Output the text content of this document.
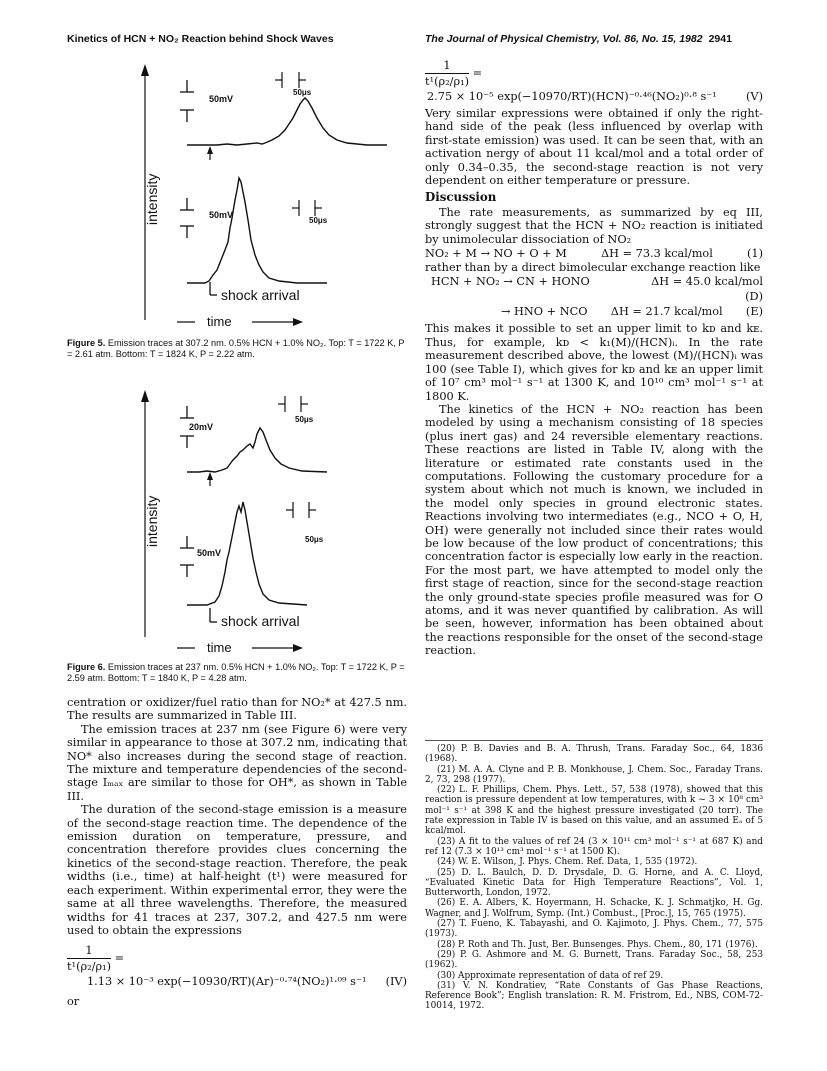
Kinetics of HCN + NO₂ Reaction behind Shock Waves	The Journal of Physical Chemistry, Vol. 86, No. 15, 1982 2941
intensity
50mV
50μs
50mV
50μs
shock arrival
time
Figure 5. Emission traces at 307.2 nm. 0.5% HCN + 1.0% NO₂. Top: T = 1722 K, P = 2.61 atm. Bottom: T = 1824 K, P = 2.22 atm.
intensity
20mV
50μs
50mV
50μs
shock arrival
time
Figure 6. Emission traces at 237 nm. 0.5% HCN + 1.0% NO₂. Top: T = 1722 K, P = 2.59 atm. Bottom: T = 1840 K, P = 4.28 atm.

centration or oxidizer/fuel ratio than for NO₂* at 427.5 nm. The results are summarized in Table III.

The emission traces at 237 nm (see Figure 6) were very similar in appearance to those at 307.2 nm, indicating that NO* also increases during the second stage of reaction. The mixture and temperature dependencies of the second-stage Iₘₐₓ are similar to those for OH*, as shown in Table III.

The duration of the second-stage emission is a measure of the second-stage reaction time. The dependence of the emission duration on temperature, pressure, and concentration therefore provides clues concerning the kinetics of the second-stage reaction. Therefore, the peak widths (i.e., time) at half-height (t¹) were measured for each experiment. Within experimental error, they were the same at all three wavelengths. Therefore, the measured widths for 41 traces at 237, 307.2, and 427.5 nm were used to obtain the expressions

$\frac{1}{\text{t¹(ρ₂/ρ₁)}}$ =
1.13 × 10⁻³ exp(−10930/RT)(Ar)⁻⁰·⁷⁴(NO₂)¹·⁰⁹ s⁻¹ (IV)
or
$\frac{1}{\text{t¹(ρ₂/ρ₁)}}$ =
2.75 × 10⁻⁵ exp(−10970/RT)(HCN)⁻⁰·⁴⁶(NO₂)⁰·⁸ s⁻¹	(V)

Very similar expressions were obtained if only the right-hand side of the peak (less influenced by overlap with first-state emission) was used. It can be seen that, with an activation nergy of about 11 kcal/mol and a total order of only 0.34–0.35, the second-stage reaction is not very dependent on either temperature or pressure.

Discussion

The rate measurements, as summarized by eq III, strongly suggest that the HCN + NO₂ reaction is initiated by unimolecular dissociation of NO₂

NO₂ + M → NO + O + M	ΔH = 73.3 kcal/mol	(1)

rather than by a direct bimolecular exchange reaction like

HCN + NO₂ → CN + HONO	ΔH = 45.0 kcal/mol
(D)
→ HNO + NCO ΔH = 21.7 kcal/mol (E)

This makes it possible to set an upper limit to kᴅ and kᴇ. Thus, for example, kᴅ < k₁(M)/(HCN)ᵢ. In the rate measurement described above, the lowest (M)/(HCN)ᵢ was 100 (see Table I), which gives for kᴅ and kᴇ an upper limit of 10⁷ cm³ mol⁻¹ s⁻¹ at 1300 K, and 10¹⁰ cm³ mol⁻¹ s⁻¹ at 1800 K.

The kinetics of the HCN + NO₂ reaction has been modeled by using a mechanism consisting of 18 species (plus inert gas) and 24 reversible elementary reactions. These reactions are listed in Table IV, along with the literature or estimated rate constants used in the computations. Following the customary procedure for a system about which not much is known, we included in the model only species in ground electronic states. Reactions involving two intermediates (e.g., NCO + O, H, OH) were generally not included since their rates would be low because of the low product of concentrations; this concentration factor is especially low early in the reaction. For the most part, we have attempted to model only the first stage of reaction, since for the second-stage reaction the only ground-state species profile measured was for O atoms, and it was never quantified by calibration. As will be seen, however, information has been obtained about the reactions responsible for the onset of the second-stage reaction.

(20) P. B. Davies and B. A. Thrush, Trans. Faraday Soc., 64, 1836 (1968).
(21) M. A. A. Clyne and P. B. Monkhouse, J. Chem. Soc., Faraday Trans. 2, 73, 298 (1977).
(22) L. F. Phillips, Chem. Phys. Lett., 57, 538 (1978), showed that this reaction is pressure dependent at low temperatures, with k ~ 3 × 10⁸ cm³ mol⁻¹ s⁻¹ at 398 K and the highest pressure investigated (20 torr). The rate expression in Table IV is based on this value, and an assumed Eₐ of 5 kcal/mol.
(23) A fit to the values of ref 24 (3 × 10¹¹ cm³ mol⁻¹ s⁻¹ at 687 K) and ref 12 (7.3 × 10¹³ cm³ mol⁻¹ s⁻¹ at 1500 K).
(24) W. E. Wilson, J. Phys. Chem. Ref. Data, 1, 535 (1972).
(25) D. L. Baulch, D. D. Drysdale, D. G. Horne, and A. C. Lloyd, “Evaluated Kinetic Data for High Temperature Reactions”, Vol. 1, Butterworth, London, 1972.
(26) E. A. Albers, K. Hoyermann, H. Schacke, K. J. Schmatjko, H. Gg. Wagner, and J. Wolfrum, Symp. (Int.) Combust., [Proc.], 15, 765 (1975).
(27) T. Fueno, K. Tabayashi, and O. Kajimoto, J. Phys. Chem., 77, 575 (1973).
(28) P. Roth and Th. Just, Ber. Bunsenges. Phys. Chem., 80, 171 (1976).
(29) P. G. Ashmore and M. G. Burnett, Trans. Faraday Soc., 58, 253 (1962).
(30) Approximate representation of data of ref 29.
(31) V. N. Kondratiev, “Rate Constants of Gas Phase Reactions, Reference Book”; English translation: R. M. Fristrom, Ed., NBS, COM-72-10014, 1972.
